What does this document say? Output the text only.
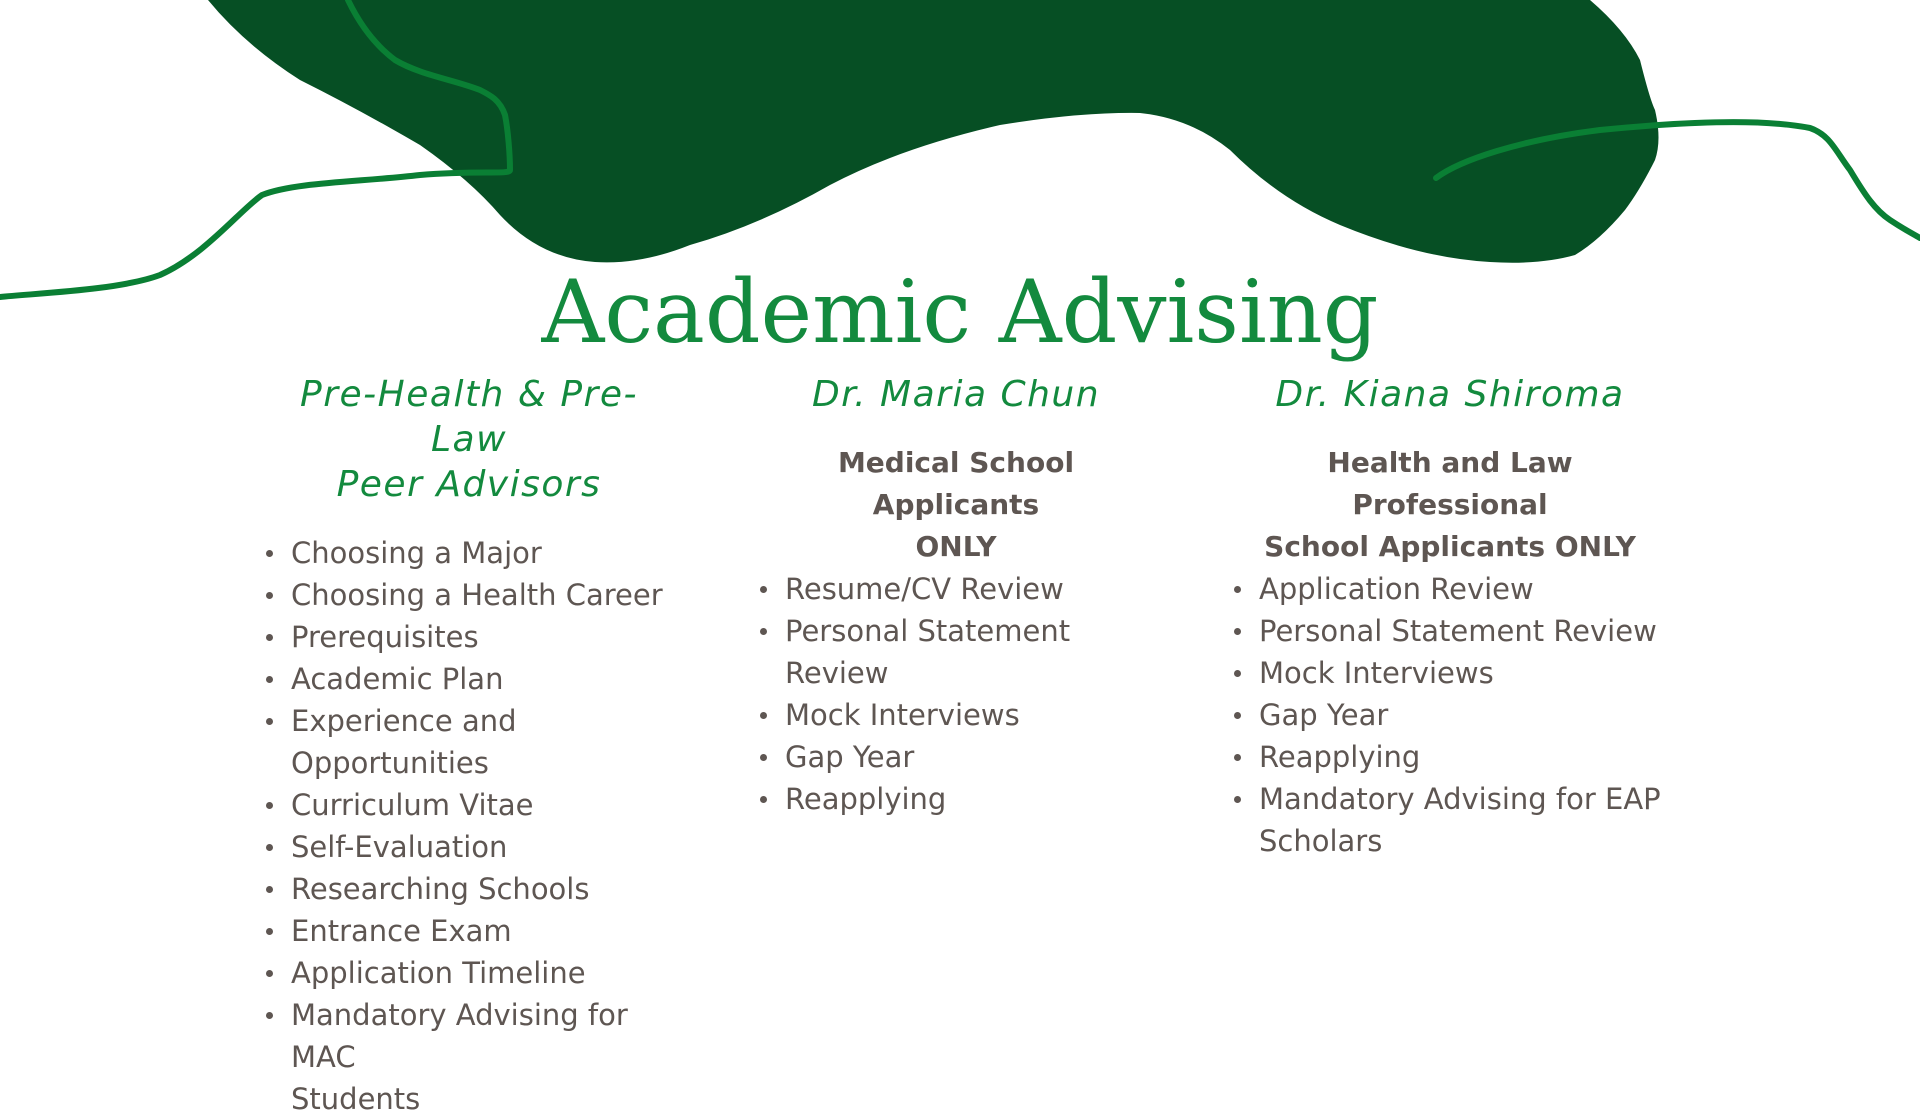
Academic Advising
Pre-Health & Pre-Law
Peer Advisors
Choosing a Major
Choosing a Health Career
Prerequisites
Academic Plan
Experience and Opportunities
Curriculum Vitae
Self-Evaluation
Researching Schools
Entrance Exam
Application Timeline
Mandatory Advising for MAC
Students
Dr. Maria Chun

Medical School Applicants
ONLY

Resume/CV Review
Personal Statement Review
Mock Interviews
Gap Year
Reapplying
Dr. Kiana Shiroma

Health and Law Professional
School Applicants ONLY

Application Review
Personal Statement Review
Mock Interviews
Gap Year
Reapplying
Mandatory Advising for EAP
Scholars
